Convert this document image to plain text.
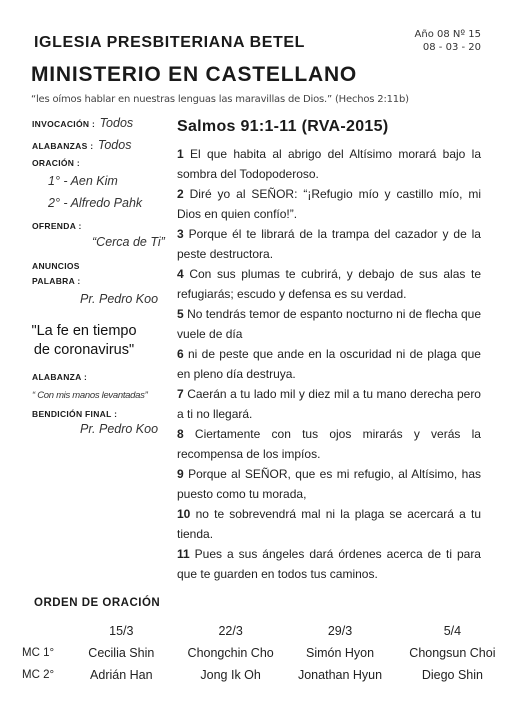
IGLESIA PRESBITERIANA BETEL	Año 08 Nº 15
08 - 03 - 20
MINISTERIO EN CASTELLANO
“les oímos hablar en nuestras lenguas las maravillas de Dios.” (Hechos 2:11b)
INVOCACIÓN : Todos
ALABANZAS : Todos
ORACIÓN :
1° - Aen Kim
2° - Alfredo Pahk
OFRENDA :
“Cerca de Ti”
ANUNCIOS
PALABRA :
Pr. Pedro Koo
"La fe en tiempo
de coronavirus"
ALABANZA :
“ Con mis manos levantadas”
BENDICIÓN FINAL :
Pr. Pedro Koo
Salmos 91:1-11 (RVA-2015)

1 El que habita al abrigo del Altísimo morará bajo la sombra del Todopoderoso.

2 Diré yo al SEÑOR: “¡Refugio mío y castillo mío, mi Dios en quien confío!”.

3 Porque él te librará de la trampa del cazador y de la peste destructora.

4 Con sus plumas te cubrirá, y debajo de sus alas te refugiarás; escudo y defensa es su verdad.

5 No tendrás temor de espanto nocturno ni de flecha que vuele de día

6 ni de peste que ande en la oscuridad ni de plaga que en pleno día destruya.

7 Caerán a tu lado mil y diez mil a tu mano derecha pero a ti no llegará.

8 Ciertamente con tus ojos mirarás y verás la recompensa de los impíos.

9 Porque al SEÑOR, que es mi refugio, al Altísimo, has puesto como tu morada,

10 no te sobrevendrá mal ni la plaga se acercará a tu tienda.

11 Pues a sus ángeles dará órdenes acerca de ti para que te guarden en todos tus caminos.

ORDEN DE ORACIÓN
	15/3	22/3	29/3	5/4
MC 1°	Cecilia Shin	Chongchin Cho	Simón Hyon	Chongsun Choi
MC 2°	Adrián Han	Jong Ik Oh	Jonathan Hyun	Diego Shin
